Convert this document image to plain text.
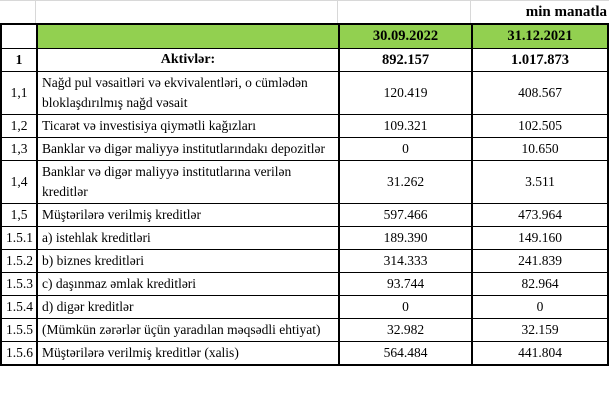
min manatla
		30.09.2022	31.12.2021
1	Aktivlər:	892.157	1.017.873
1,1	Nağd pul vəsaitləri və ekvivalentləri, o cümlədən bloklaşdırılmış nağd vəsait	120.419	408.567
1,2	Ticarət və investisiya qiymətli kağızları	109.321	102.505
1,3	Banklar və digər maliyyə institutlarındakı depozitlər	0	10.650
1,4	Banklar və digər maliyyə institutlarına verilən kreditlər	31.262	3.511
1,5	Müştərilərə verilmiş kreditlər	597.466	473.964
1.5.1	a) istehlak kreditləri	189.390	149.160
1.5.2	b) biznes kreditləri	314.333	241.839
1.5.3	c) daşınmaz əmlak kreditləri	93.744	82.964
1.5.4	d) digər kreditlər	0	0
1.5.5	(Mümkün zərərlər üçün yaradılan məqsədli ehtiyat)	32.982	32.159
1.5.6	Müştərilərə verilmiş kreditlər (xalis)	564.484	441.804
